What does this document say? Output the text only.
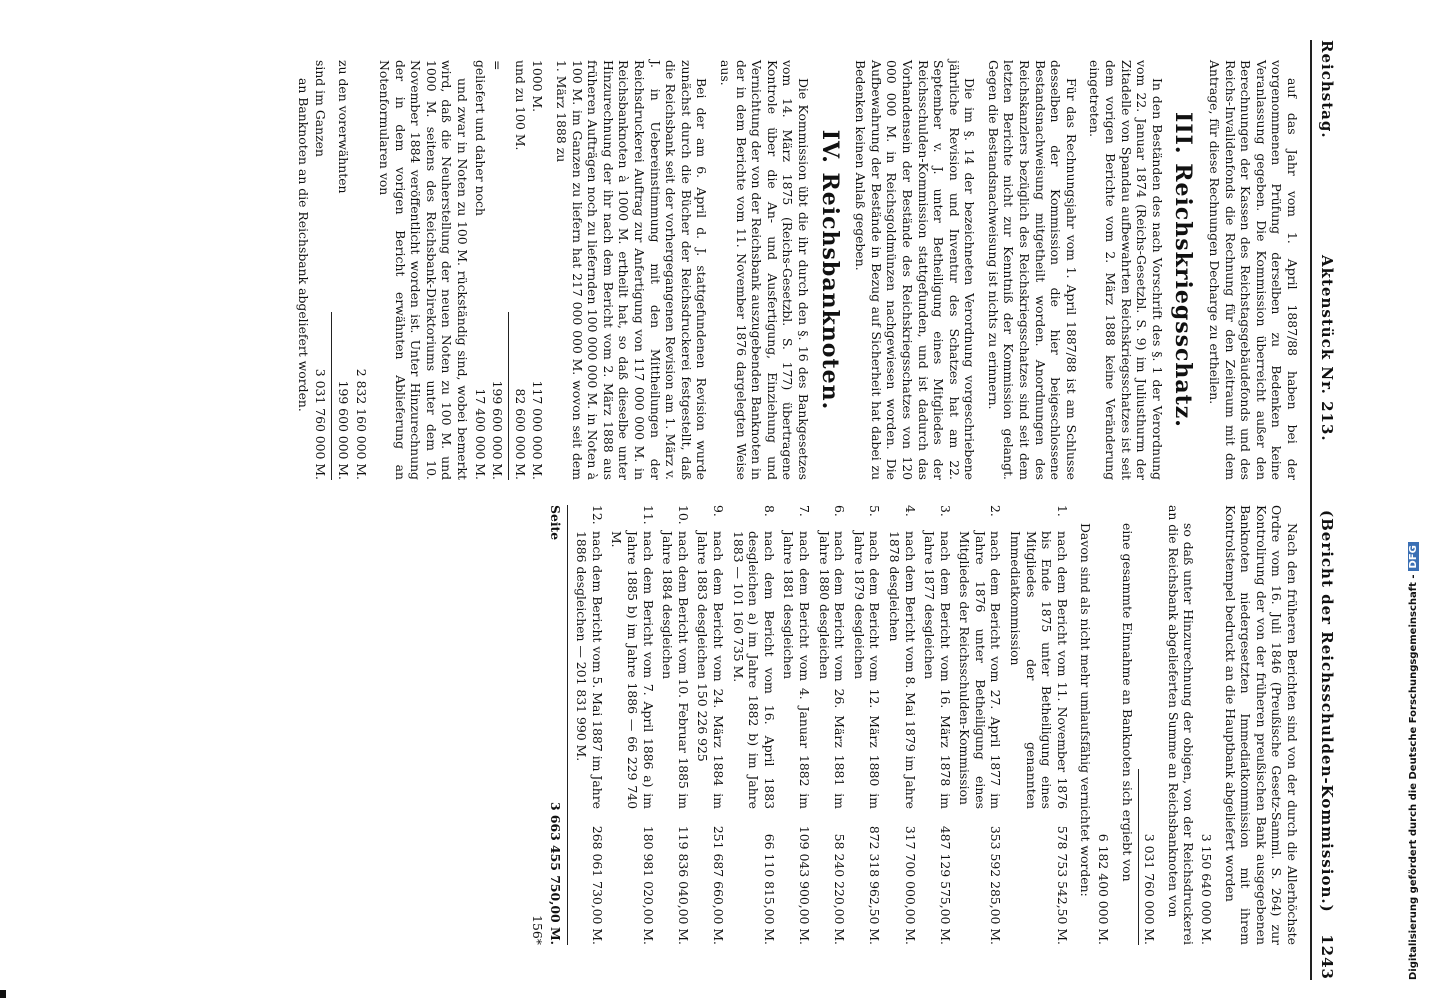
Reichstag.
Aktenstück Nr. 213.
(Bericht der Reichsschulden-Kommission.)
1243

auf das Jahr vom 1. April 1887/88 haben bei der vorgenommenen Prüfung derselben zu Bedenken keine Veranlassung gegeben. Die Kommission überreicht außer den Berechnungen der Kassen des Reichstagsgebäudefonds und des Reichs-Invalidenfonds die Rechnung für den Zeitraum mit dem Antrage, für diese Rechnungen Decharge zu ertheilen.

III. Reichskriegsschatz.

In den Beständen des nach Vorschrift des §. 1 der Verordnung vom 22. Januar 1874 (Reichs-Gesetzbl. S. 9) im Juliusthurm der Zitadelle von Spandau aufbewahrten Reichskriegsschatzes ist seit dem vorigen Berichte vom 2. März 1888 keine Veränderung eingetreten.

Für das Rechnungsjahr vom 1. April 1887/88 ist am Schlusse desselben der Kommission die hier beigeschlossene Bestandsnachweisung mitgetheilt worden. Anordnungen des Reichskanzlers bezüglich des Reichskriegsschatzes sind seit dem letzten Berichte nicht zur Kenntniß der Kommission gelangt. Gegen die Bestandsnachweisung ist nichts zu erinnern.

Die im §. 14 der bezeichneten Verordnung vorgeschriebene jährliche Revision und Inventur des Schatzes hat am 22. September v. J. unter Betheiligung eines Mitgliedes der Reichsschulden-Kommission stattgefunden, und ist dadurch das Vorhandensein der Bestände des Reichskriegsschatzes von 120 000 000 M. in Reichsgoldmünzen nachgewiesen worden. Die Aufbewahrung der Bestände in Bezug auf Sicherheit hat dabei zu Bedenken keinen Anlaß gegeben.

IV. Reichsbanknoten.

Die Kommission übt die ihr durch den §. 16 des Bankgesetzes vom 14. März 1875 (Reichs-Gesetzbl. S. 177) übertragene Kontrole über die An- und Ausfertigung, Einziehung und Vernichtung der von der Reichsbank auszugebenden Banknoten in der in dem Berichte vom 11. November 1876 dargelegten Weise aus.

Bei der am 6. April d. J. stattgefundenen Revision wurde zunächst durch die Bücher der Reichsdruckerei festgestellt, daß die Reichsbank seit der vorhergegangenen Revision am 1. März v. J. in Uebereinstimmung mit den Mittheilungen der Reichsdruckerei Auftrag zur Anfertigung von 117 000 000 M. in Reichsbanknoten à 1000 M. ertheilt hat, so daß dieselbe unter Hinzurechnung der ihr nach dem Bericht vom 2. März 1888 aus früheren Aufträgen noch zu liefernden 100 000 000 M. in Noten à 100 M. im Ganzen zu liefern hat 217 000 000 M. wovon seit dem 1. März 1888 zu

1000 M.
117 000 000 M.
und zu 100 M.
82 600 000 M.
=
199 600 000 M.
geliefert und daher noch
17 400 000 M.

und zwar in Noten zu 100 M. rückständig sind, wobei bemerkt wird, daß die Neuherstellung der neuen Noten zu 100 M. und 1000 M. seitens des Reichsbank-Direktoriums unter dem 10. November 1884 veröffentlicht worden ist. Unter Hinzurechnung der in dem vorigen Bericht erwähnten Ablieferung an Notenformularen von

2 832 160 000 M.
zu den vorerwähnten
199 600 000 M.
sind im Ganzen
3 031 760 000 M.

an Banknoten an die Reichsbank abgeliefert worden.

Nach den früheren Berichten sind von der durch die Allerhöchste Ordre vom 16. Juli 1846 (Preußische Gesetz-Samml. S. 264) zur Kontrolirung der von der früheren preußischen Bank ausgegebenen Banknoten niedergesetzten Immediatkommission mit ihrem Kontrolstempel bedruckt an die Hauptbank abgeliefert worden

3 150 640 000 M.

so daß unter Hinzurechnung der obigen, von der Reichsdruckerei an die Reichsbank abgelieferten Summe an Reichsbanknoten von

3 031 760 000 M.

eine gesammte Einnahme an Banknoten sich ergiebt von

6 182 400 000 M.

Davon sind als nicht mehr umlaufsfähig vernichtet worden:

1.
nach dem Bericht vom 11. November 1876 bis Ende 1875 unter Betheiligung eines Mitgliedes der genannten Immediatkommission
578 753 542,50 M.
2.
nach dem Bericht vom 27. April 1877 im Jahre 1876 unter Betheiligung eines Mitgliedes der Reichsschulden-Kommission
353 592 285,00 M.
3.
nach dem Bericht vom 16. März 1878 im Jahre 1877 desgleichen
487 129 575,00 M.
4.
nach dem Bericht vom 8. Mai 1879 im Jahre 1878 desgleichen
317 700 000,00 M.
5.
nach dem Bericht vom 12. März 1880 im Jahre 1879 desgleichen
872 318 962,50 M.
6.
nach dem Bericht vom 26. März 1881 im Jahre 1880 desgleichen
58 240 220,00 M.
7.
nach dem Bericht vom 4. Januar 1882 im Jahre 1881 desgleichen
109 043 900,00 M.
8.
nach dem Bericht vom 16. April 1883 desgleichen a) im Jahre 1882 b) im Jahre 1883 — 101 160 735 M.
66 110 815,00 M.
9.
nach dem Bericht vom 24. März 1884 im Jahre 1883 desgleichen 150 226 925
251 687 660,00 M.
10.
nach dem Bericht vom 10. Februar 1885 im Jahre 1884 desgleichen
119 836 040,00 M.
11.
nach dem Bericht vom 7. April 1886 a) im Jahre 1885 b) im Jahre 1886 — 66 229 740 M.
180 981 020,00 M.
12.
nach dem Bericht vom 5. Mai 1887 im Jahre 1886 desgleichen — 201 831 990 M.
268 061 730,00 M.
Seite
3 663 455 750,00 M.
156*	Digitalisierung gefördert durch die Deutsche Forschungsgemeinschaft -DFG
